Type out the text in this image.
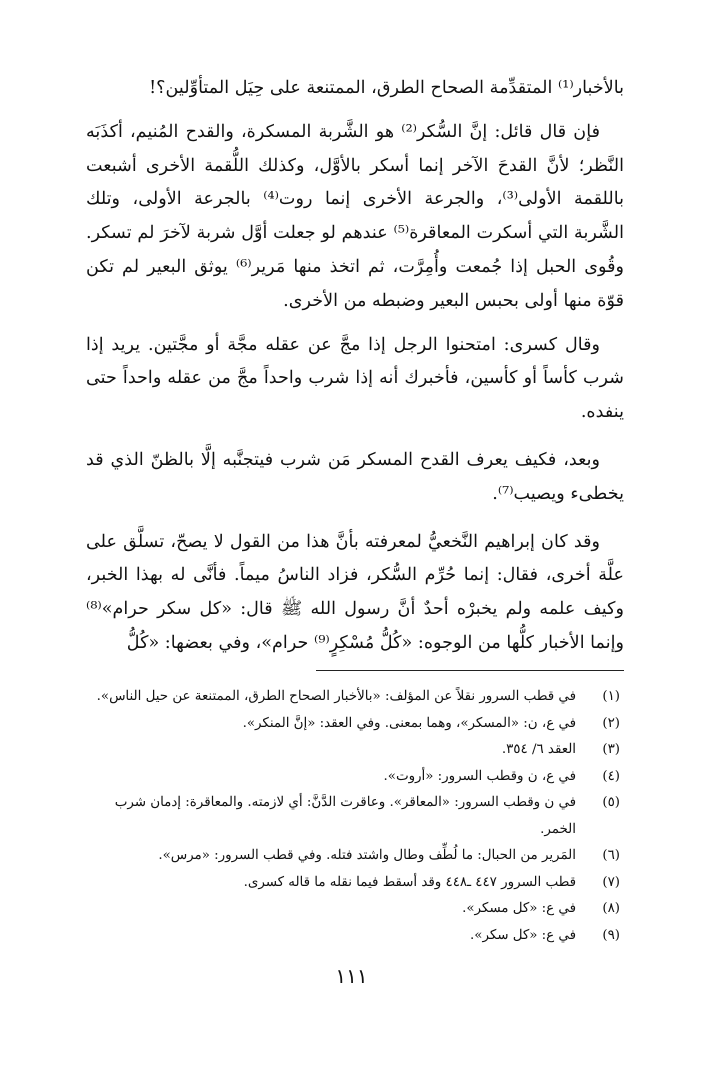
بالأخبار⁽¹⁾ المتقدِّمة الصحاح الطرق، الممتنعة على حِيَل المتأوِّلين؟!

فإن قال قائل: إنَّ السُّكر⁽²⁾ هو الشَّربة المسكرة، والقدح المُنيم، أكذَبَه النَّظر؛ لأنَّ القدحَ الآخر إنما أسكر بالأوَّل، وكذلك اللُّقمة الأخرى أشبعت باللقمة الأولى⁽³⁾، والجرعة الأخرى إنما روت⁽⁴⁾ بالجرعة الأولى، وتلك الشَّربة التي أسكرت المعاقرة⁽⁵⁾ عندهم لو جعلت أوَّل شربة لآخرَ لم تسكر. وقُوى الحبل إذا جُمعت وأُمِرَّت، ثم اتخذ منها مَرير⁽⁶⁾ يوثق البعير لم تكن قوّة منها أولى بحبس البعير وضبطه من الأخرى.

وقال كسرى: امتحنوا الرجل إذا مجَّ عن عقله مجَّة أو مجَّتين. يريد إذا شرب كأساً أو كأسين، فأخبرك أنه إذا شرب واحداً مجَّ من عقله واحداً حتى ينفده.

وبعد، فكيف يعرف القدح المسكر مَن شرب فيتجنَّبه إلَّا بالظنّ الذي قد يخطىء ويصيب⁽⁷⁾.

وقد كان إبراهيم النَّخعيُّ لمعرفته بأنَّ هذا من القول لا يصحّ، تسلَّق على علَّة أخرى، فقال: إنما حُرِّم السُّكر، فزاد الناسُ ميماً. فأنَّى له بهذا الخبر، وكيف علمه ولم يخبرْه أحدٌ أنَّ رسول الله ﷺ قال: «كل سكر حرام»⁽⁸⁾ وإنما الأخبار كلُّها من الوجوه: «كُلُّ مُسْكِرٍ⁽⁹⁾ حرام»، وفي بعضها: «كُلُّ

(١)
في قطب السرور نقلاً عن المؤلف: «بالأخبار الصحاح الطرق، الممتنعة عن حيل الناس».
(٢)
في ع، ن: «المسكر»، وهما بمعنى. وفي العقد: «إنَّ المنكر».
(٣)
العقد ٦/ ٣٥٤.
(٤)
في ع، ن وقطب السرور: «أروت».
(٥)
في ن وقطب السرور: «المعاقر». وعاقرت الدَّنَّ: أي لازمته. والمعاقرة: إدمان شرب الخمر.
(٦)
المَرير من الحبال: ما لُطِّف وطال واشتد فتله. وفي قطب السرور: «مرس».
(٧)
قطب السرور ٤٤٧ ـ٤٤٨ وقد أسقط فيما نقله ما قاله كسرى.
(٨)
في ع: «كل مسكر».
(٩)
في ع: «كل سكر».
١١١
